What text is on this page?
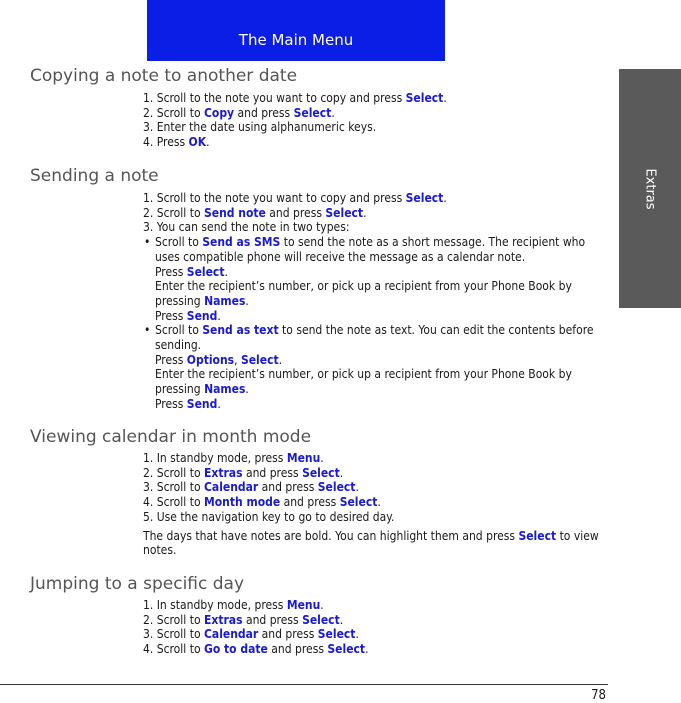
The Main Menu
Extras
Copying a note to another date

1. Scroll to the note you want to copy and press Select.

2. Scroll to Copy and press Select.

3. Enter the date using alphanumeric keys.

4. Press OK.

Sending a note

1. Scroll to the note you want to copy and press Select.

2. Scroll to Send note and press Select.

3. You can send the note in two types:

• Scroll to Send as SMS to send the note as a short message. The recipient who uses compatible phone will receive the message as a calendar note.

Press Select.

Enter the recipient’s number, or pick up a recipient from your Phone Book by pressing Names.

Press Send.

• Scroll to Send as text to send the note as text. You can edit the contents before sending.

Press Options, Select.

Enter the recipient’s number, or pick up a recipient from your Phone Book by pressing Names.

Press Send.

Viewing calendar in month mode

1. In standby mode, press Menu.

2. Scroll to Extras and press Select.

3. Scroll to Calendar and press Select.

4. Scroll to Month mode and press Select.

5. Use the navigation key to go to desired day.

The days that have notes are bold. You can highlight them and press Select to view notes.

Jumping to a specific day

1. In standby mode, press Menu.

2. Scroll to Extras and press Select.

3. Scroll to Calendar and press Select.

4. Scroll to Go to date and press Select.

78
